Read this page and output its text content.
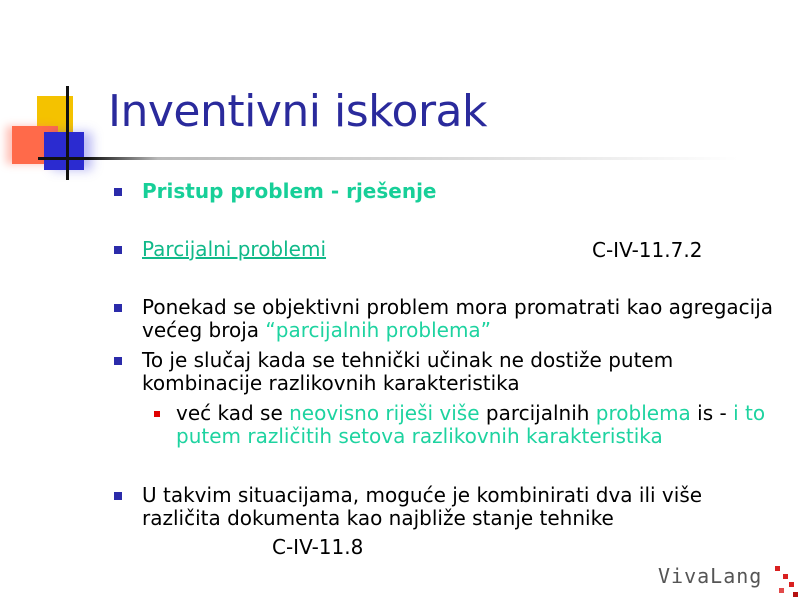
Inventivni iskorak
Pristup problem - rješenje
Parcijalni problemi	C-IV-11.7.2
Ponekad se objektivni problem mora promatrati kao agregacija većeg broja “parcijalnih problema”
To je slučaj kada se tehnički učinak ne dostiže putem kombinacije razlikovnih karakteristika
već kad se neovisno riješi više parcijalnih problema is - i to putem različitih setova razlikovnih karakteristika
U takvim situacijama, moguće je kombinirati dva ili više različita dokumenta kao najbliže stanje tehnike
C-IV-11.8
VivaLang
